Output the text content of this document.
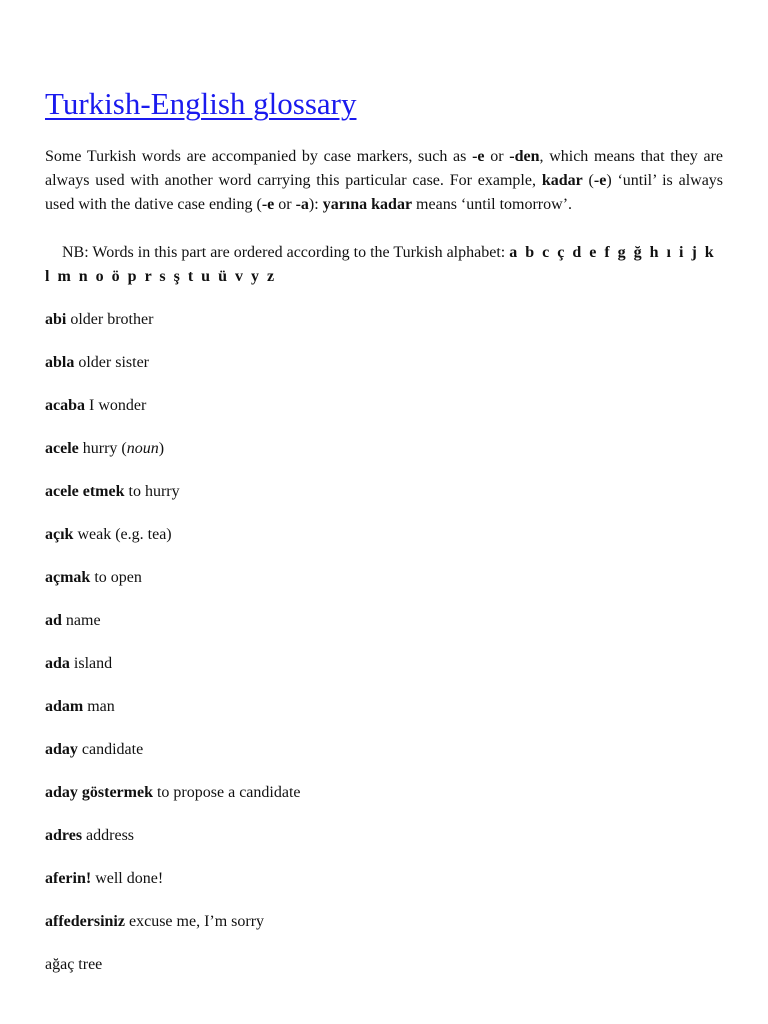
Turkish-English glossary

Some Turkish words are accompanied by case markers, such as -e or -den, which means that they are always used with another word carrying this particular case. For example, kadar (-e) ‘until’ is always used with the dative case ending (-e or -a): yarına kadar means ‘until tomorrow’.

NB: Words in this part are ordered according to the Turkish alphabet: a b c ç d e f g ğ h ı i j k l m n o ö p r s ş t u ü v y z

abi older brother
abla older sister
acaba I wonder
acele hurry (noun)
acele etmek to hurry
açık weak (e.g. tea)
açmak to open
ad name
ada island
adam man
aday candidate
aday göstermek to propose a candidate
adres address
aferin! well done!
affedersiniz excuse me, I’m sorry
ağaç tree
